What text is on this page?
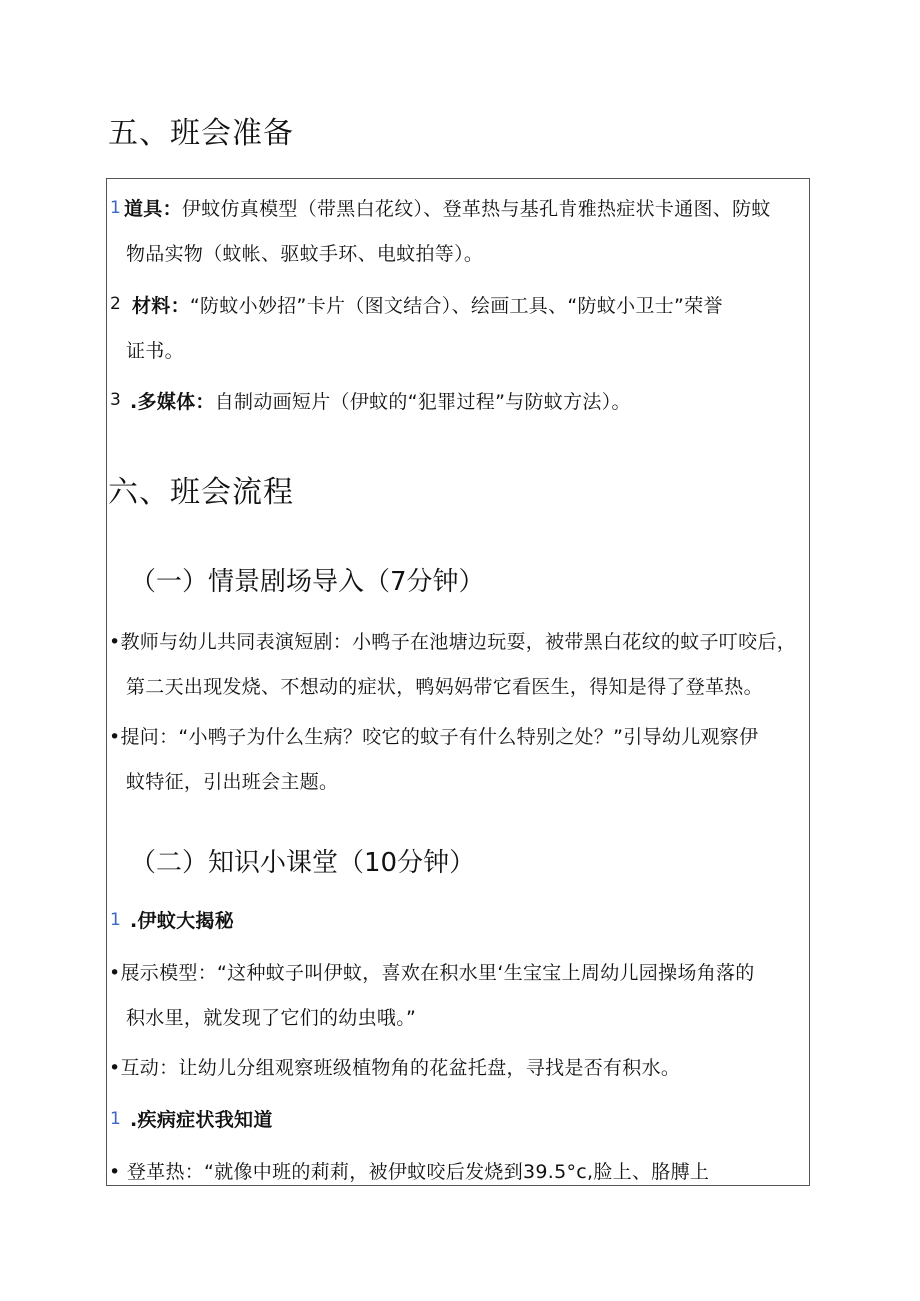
五、班会准备
1 道具：伊蚊仿真模型（带黑白花纹）、登革热与基孔肯雅热症状卡通图、防蚊
物品实物（蚊帐、驱蚊手环、电蚊拍等）。
2 材料：“防蚊小妙招”卡片（图文结合）、绘画工具、“防蚊小卫士”荣誉
证书。
3 .多媒体：自制动画短片（伊蚊的“犯罪过程”与防蚊方法）。
六、班会流程
（一）情景剧场导入（7分钟）
•教师与幼儿共同表演短剧：小鸭子在池塘边玩耍，被带黑白花纹的蚊子叮咬后，
第二天出现发烧、不想动的症状，鸭妈妈带它看医生，得知是得了登革热。
•提问：“小鸭子为什么生病？咬它的蚊子有什么特别之处？”引导幼儿观察伊
蚊特征，引出班会主题。
（二）知识小课堂（10分钟）
1 .伊蚊大揭秘
•展示模型：“这种蚊子叫伊蚊，喜欢在积水里‘生宝宝上周幼儿园操场角落的
积水里，就发现了它们的幼虫哦。”
•互动：让幼儿分组观察班级植物角的花盆托盘，寻找是否有积水。
1 .疾病症状我知道
• 登革热：“就像中班的莉莉，被伊蚊咬后发烧到39.5°c,脸上、胳膊上
